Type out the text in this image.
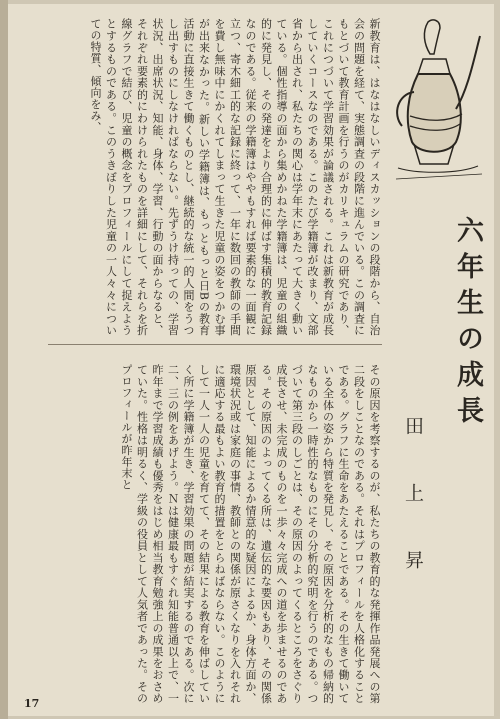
新教育は、はなはなしいディスカッションの段階から、自治会の問題を経て、実態調査の段階に進んでいる。この調査にもとづいて教育計画を行うのがカリキュラムの研究であり、これにつづいて学習効果が論議される。これは新教育が成長していくコースなのである。このたび学籍簿が改まり、文部省から出され、私たちの関心は学年末にあたって大きく動いている。個性指導の面から集めかねた学籍簿は、児童の組織的に発見し、その発達をより合理的に伸ばす集積的教育記録なのである。従来の学籍簿はややもすれば要素的な一面観に立つ、寄木細工的な記録に終って、一年に数回の教師の手間を費し無味中にかくれてしまって生きた児童の姿をつかむ事が出来なかった。新しい学籍簿は、もっともっと日Bの教育活動に直接生きて働くものとし、継続的な統一的人間をうつし出すものにしなければならない。先ずうけ持っての、学習状況、出席状況、知能、身体、学習、行動の面からなると、それぞれ要素的にわけられたものを詳細にして、それらを折線グラフで結び、児童の概念をプロフィールにして捉えようとするものである。このうきぼりした児童の一人々々についての特質、傾向をみ、
六年生の成長
田上昇
その原因を考察するのが、私たちの教育的な発揮作品発展への第二段をしことなのである。それはプロフィールを人格化することである。グラフに生命をあたえることである。その生きて働いている全体の姿から特質を発見し、その原因を分析的なもの帰納的なものから一時性的なものにその分析的究明を行うのである。つづいて第三段のしごとは、その原因のよってくるところをさぐり成長させ、未完成のものを一歩々々完成への道を歩ませるのである。その原因のよってくる所は、遺伝的な要因もあり、その関係原因として、知能によるか情意的な疑因によるか、身体方面か、環境状況或は家庭の事情、教師との関係が原さくなりを入れそれに適応する最もよい教育的措置をとらねばならない。このようにして一人一人の児童を育てて、その結果による教育を伸ばしていく所に学籍簿が生き、学習効果の問題が結実するのである。次に二、三の例をあげよう。Ｎは健康最もすぐれ知能普通以上で、一昨年まで学習成績も優秀をはじめ相当教育勉強上の成果をおさめていた。性格は明るく、学級の役員として人気者であった。そのプロフィールが昨年末と
17
